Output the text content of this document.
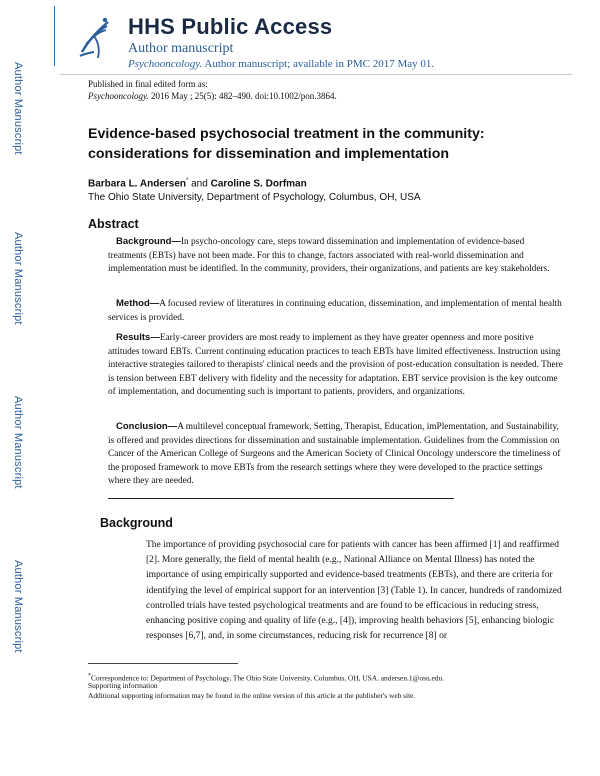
Author Manuscript
Author Manuscript
Author Manuscript
Author Manuscript
HHS Public Access
Author manuscript
Psychooncology. Author manuscript; available in PMC 2017 May 01.
Published in final edited form as:
Psychooncology. 2016 May ; 25(5): 482–490. doi:10.1002/pon.3864.
Evidence-based psychosocial treatment in the community: considerations for dissemination and implementation
Barbara L. Andersen* and Caroline S. Dorfman
The Ohio State University, Department of Psychology, Columbus, OH, USA
Abstract
Background—In psycho-oncology care, steps toward dissemination and implementation of evidence-based treatments (EBTs) have not been made. For this to change, factors associated with real-world dissemination and implementation must be identified. In the community, providers, their organizations, and patients are key stakeholders.
Method—A focused review of literatures in continuing education, dissemination, and implementation of mental health services is provided.
Results—Early-career providers are most ready to implement as they have greater openness and more positive attitudes toward EBTs. Current continuing education practices to teach EBTs have limited effectiveness. Instruction using interactive strategies tailored to therapists' clinical needs and the provision of post-education consultation is needed. There is tension between EBT delivery with fidelity and the necessity for adaptation. EBT service provision is the key outcome of implementation, and documenting such is important to patients, providers, and organizations.
Conclusion—A multilevel conceptual framework, Setting, Therapist, Education, imPlementation, and Sustainability, is offered and provides directions for dissemination and sustainable implementation. Guidelines from the Commission on Cancer of the American College of Surgeons and the American Society of Clinical Oncology underscore the timeliness of the proposed framework to move EBTs from the research settings where they were developed to the practice settings where they are needed.
Background
The importance of providing psychosocial care for patients with cancer has been affirmed [1] and reaffirmed [2]. More generally, the field of mental health (e.g., National Alliance on Mental Illness) has noted the importance of using empirically supported and evidence-based treatments (EBTs), and there are criteria for identifying the level of empirical support for an intervention [3] (Table 1). In cancer, hundreds of randomized controlled trials have tested psychological treatments and are found to be efficacious in reducing stress, enhancing positive coping and quality of life (e.g., [4]), improving health behaviors [5], enhancing biologic responses [6,7], and, in some circumstances, reducing risk for recurrence [8] or
*Correspondence to: Department of Psychology, The Ohio State University, Columbus, OH, USA. andersen.1@osu.edu.
Supporting information
Additional supporting information may be found in the online version of this article at the publisher's web site.
